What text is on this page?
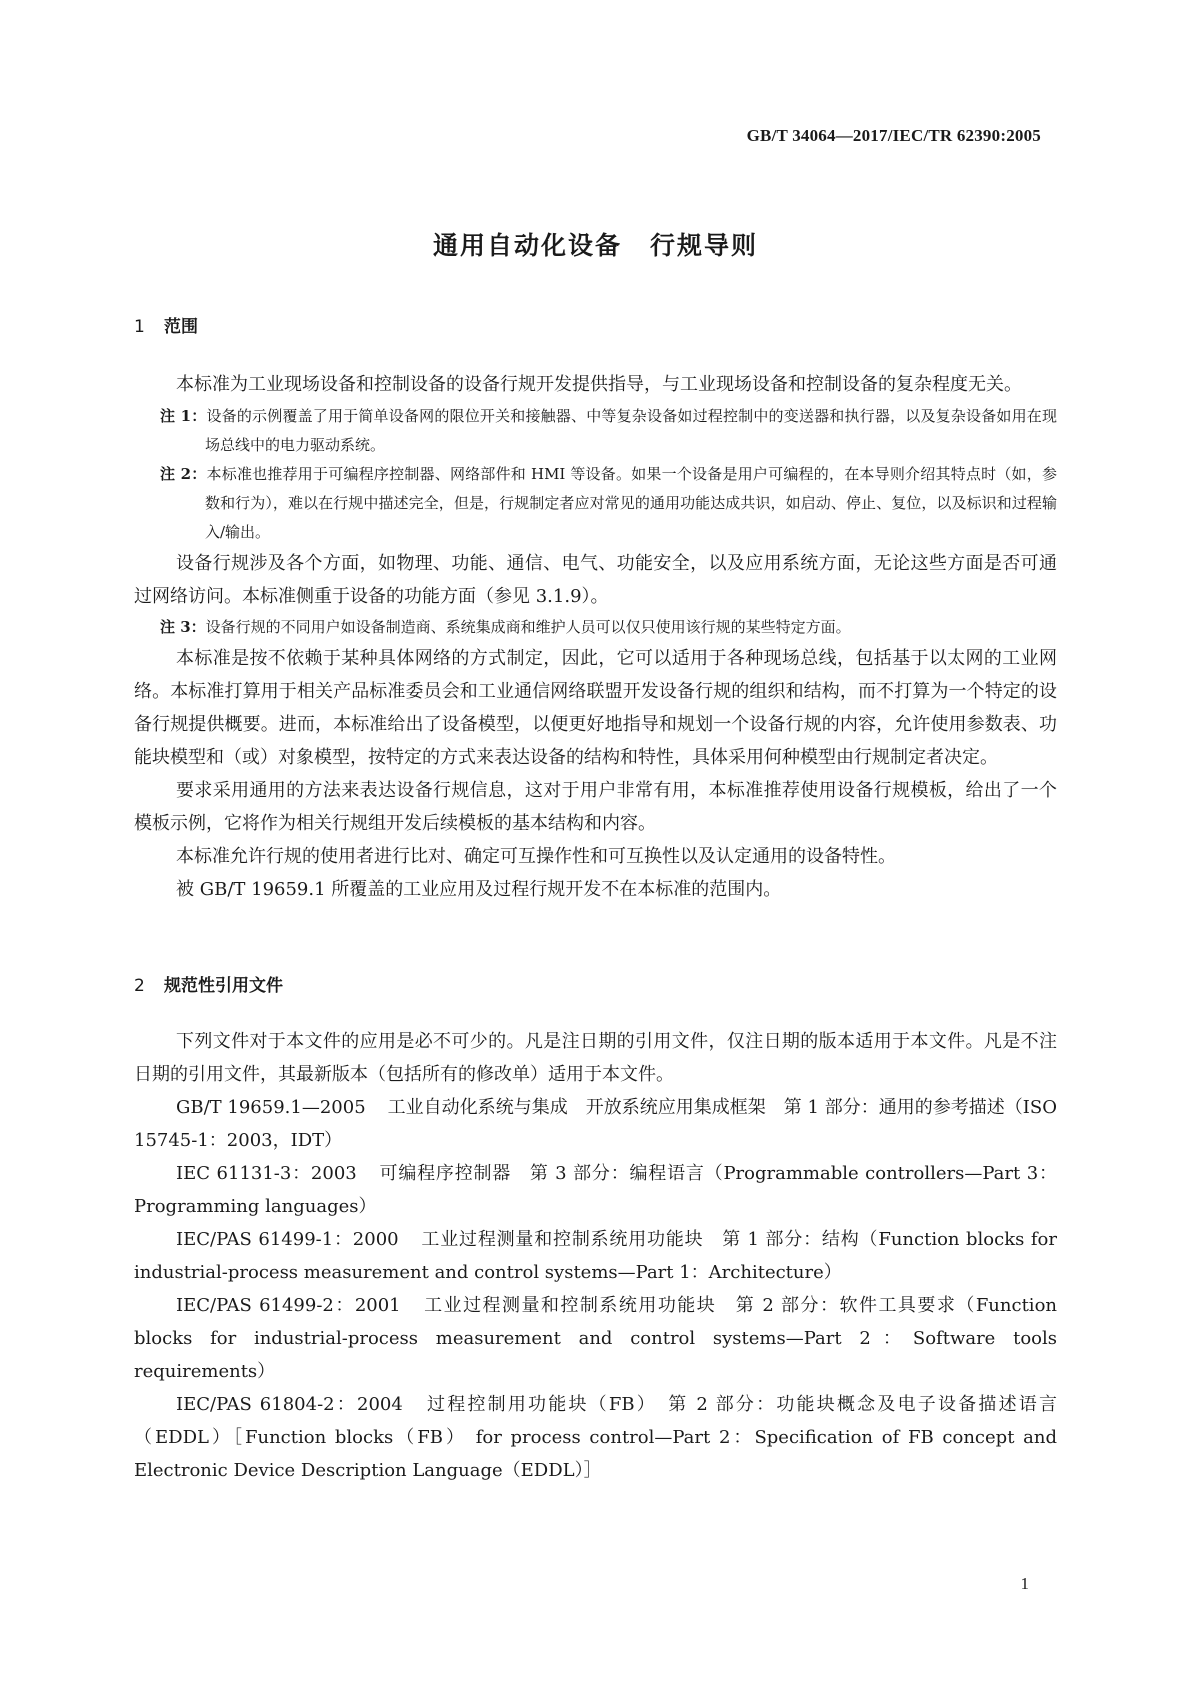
GB/T 34064—2017/IEC/TR 62390:2005
通用自动化设备 行规导则
1 范围

本标准为工业现场设备和控制设备的设备行规开发提供指导，与工业现场设备和控制设备的复杂程度无关。

注 1：设备的示例覆盖了用于简单设备网的限位开关和接触器、中等复杂设备如过程控制中的变送器和执行器，以及复杂设备如用在现场总线中的电力驱动系统。

注 2：本标准也推荐用于可编程序控制器、网络部件和 HMI 等设备。如果一个设备是用户可编程的，在本导则介绍其特点时（如，参数和行为），难以在行规中描述完全，但是，行规制定者应对常见的通用功能达成共识，如启动、停止、复位，以及标识和过程输入/输出。

设备行规涉及各个方面，如物理、功能、通信、电气、功能安全，以及应用系统方面，无论这些方面是否可通过网络访问。本标准侧重于设备的功能方面（参见 3.1.9）。

注 3：设备行规的不同用户如设备制造商、系统集成商和维护人员可以仅只使用该行规的某些特定方面。

本标准是按不依赖于某种具体网络的方式制定，因此，它可以适用于各种现场总线，包括基于以太网的工业网络。本标准打算用于相关产品标准委员会和工业通信网络联盟开发设备行规的组织和结构，而不打算为一个特定的设备行规提供概要。进而，本标准给出了设备模型，以便更好地指导和规划一个设备行规的内容，允许使用参数表、功能块模型和（或）对象模型，按特定的方式来表达设备的结构和特性，具体采用何种模型由行规制定者决定。

要求采用通用的方法来表达设备行规信息，这对于用户非常有用，本标准推荐使用设备行规模板，给出了一个模板示例，它将作为相关行规组开发后续模板的基本结构和内容。

本标准允许行规的使用者进行比对、确定可互操作性和可互换性以及认定通用的设备特性。

被 GB/T 19659.1 所覆盖的工业应用及过程行规开发不在本标准的范围内。

2 规范性引用文件

下列文件对于本文件的应用是必不可少的。凡是注日期的引用文件，仅注日期的版本适用于本文件。凡是不注日期的引用文件，其最新版本（包括所有的修改单）适用于本文件。

GB/T 19659.1—2005 工业自动化系统与集成　开放系统应用集成框架　第 1 部分：通用的参考描述（ISO 15745-1：2003，IDT）

IEC 61131-3：2003 可编程序控制器　第 3 部分：编程语言（Programmable controllers—Part 3：Programming languages）

IEC/PAS 61499-1：2000 工业过程测量和控制系统用功能块　第 1 部分：结构（Function blocks for industrial-process measurement and control systems—Part 1：Architecture）

IEC/PAS 61499-2：2001 工业过程测量和控制系统用功能块　第 2 部分：软件工具要求（Function blocks for industrial-process measurement and control systems—Part 2：Software tools requirements）

IEC/PAS 61804-2：2004 过程控制用功能块（FB）　第 2 部分：功能块概念及电子设备描述语言（EDDL）［Function blocks（FB） for process control—Part 2：Specification of FB concept and Electronic Device Description Language（EDDL）］

1
